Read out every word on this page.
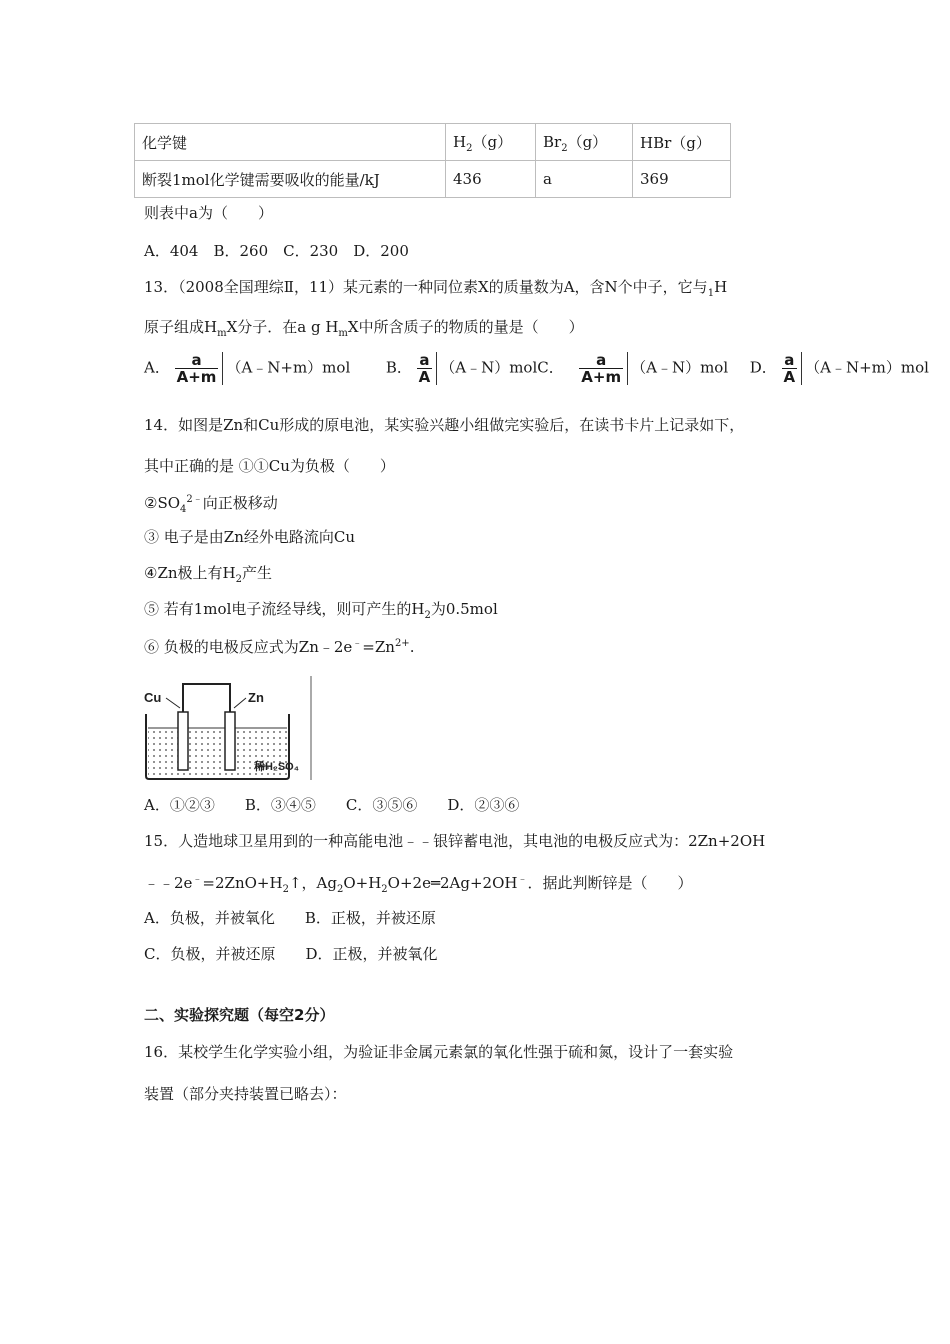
化学键	$H_2(g)$	$Br_2(g)$	HBr（g）
断裂1mol化学键需要吸收的能量/kJ	436	a	369
则表中a为（　　）
A．404　B．260　C．230　D．200
13．（2008全国理综Ⅱ，11）某元素的一种同位素X的质量数为A，含N个中子，它与$_1$H
原子组成$H_mX$分子．在a g $H_mX$中所含质子的物质的量是（　　）
A． $\frac{a}{A+m}$ （A﹣N+m）mol B． $\frac{a}{A}$ （A﹣N）molC． $\frac{a}{A+m}$ （A﹣N）mol D． $\frac{a}{A}$ （A﹣N+m）mol
14．如图是Zn和Cu形成的原电池，某实验兴趣小组做完实验后，在读书卡片上记录如下，
其中正确的是 ①①Cu为负极（　　）
$②SO_4^{2﹣}$向正极移动
③ 电子是由Zn经外电路流向Cu
④Zn极上有$H_2$产生
⑤ 若有1mol电子流经导线，则可产生的$H_2$为0.5mol
⑥ 负极的电极反应式为$Zn﹣2e^﹣=Zn^{2+}$.
Cu	Zn
稀H₂SO₄
A．①②③　　B．③④⑤　　C．③⑤⑥　　D．②③⑥
15．人造地球卫星用到的一种高能电池﹣﹣银锌蓄电池，其电池的电极反应式为：2Zn+2OH
$﹣﹣2e^﹣=2ZnO+H_2↑$，$Ag_2O+H_2O+2e═2Ag+2OH^﹣$．据此判断锌是（　　）
A．负极，并被氧化　　B．正极，并被还原
C．负极，并被还原　　D．正极，并被氧化
二、实验探究题（每空2分）
16．某校学生化学实验小组，为验证非金属元素氯的氧化性强于硫和氮，设计了一套实验
装置（部分夹持装置已略去）：
